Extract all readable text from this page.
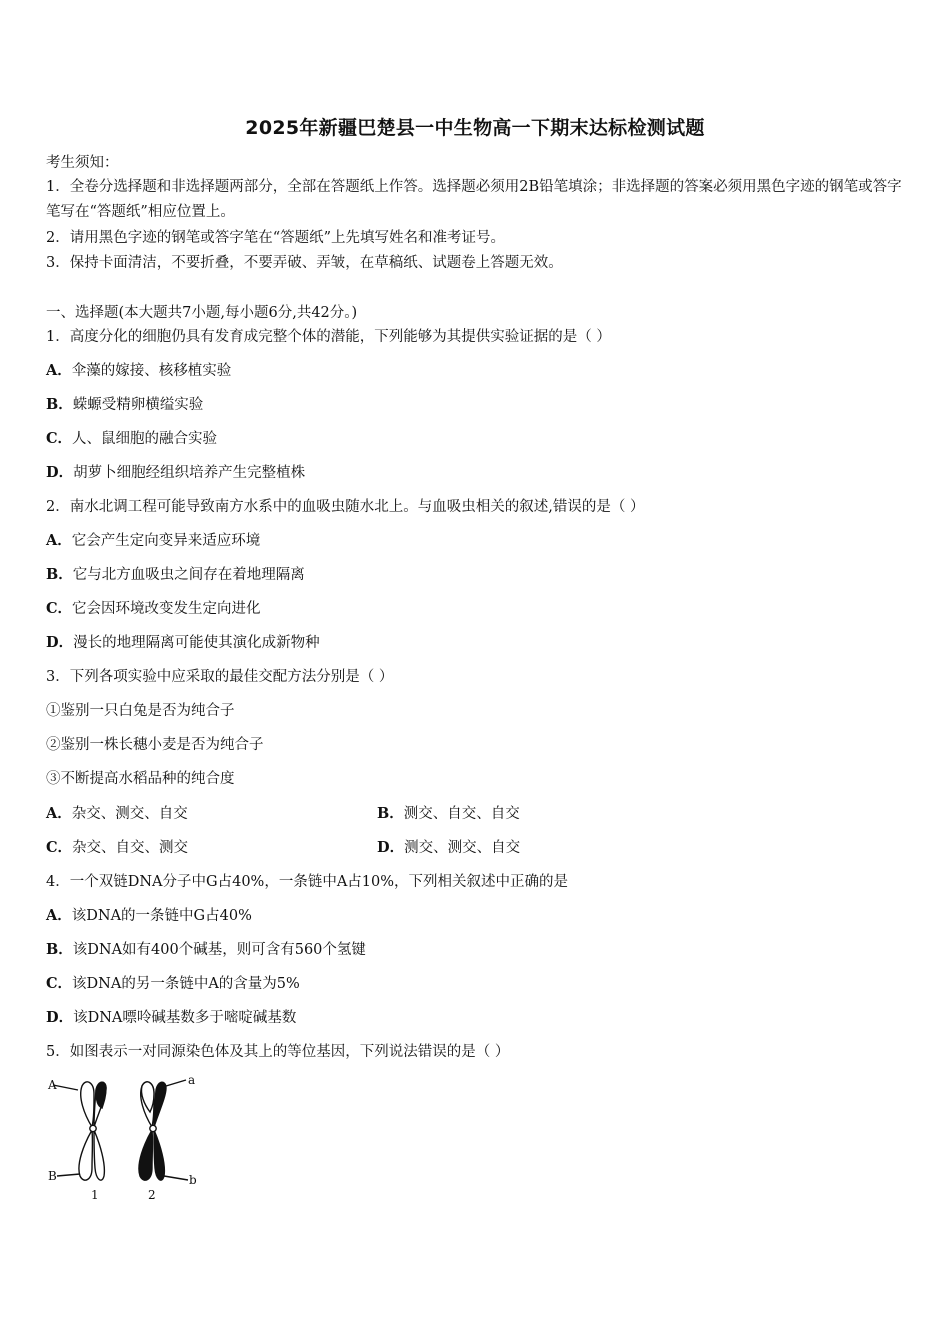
2025年新疆巴楚县一中生物高一下期末达标检测试题
考生须知：
1．全卷分选择题和非选择题两部分，全部在答题纸上作答。选择题必须用2B铅笔填涂；非选择题的答案必须用黑色字迹的钢笔或答字笔写在“答题纸”相应位置上。
2．请用黑色字迹的钢笔或答字笔在“答题纸”上先填写姓名和准考证号。
3．保持卡面清洁，不要折叠，不要弄破、弄皱，在草稿纸、试题卷上答题无效。
一、选择题(本大题共7小题,每小题6分,共42分。)
1．高度分化的细胞仍具有发育成完整个体的潜能，下列能够为其提供实验证据的是（ ）
A．伞藻的嫁接、核移植实验
B．蝾螈受精卵横缢实验
C．人、鼠细胞的融合实验
D．胡萝卜细胞经组织培养产生完整植株
2．南水北调工程可能导致南方水系中的血吸虫随水北上。与血吸虫相关的叙述,错误的是（ ）
A．它会产生定向变异来适应环境
B．它与北方血吸虫之间存在着地理隔离
C．它会因环境改变发生定向进化
D．漫长的地理隔离可能使其演化成新物种
3．下列各项实验中应采取的最佳交配方法分别是（ ）
①鉴别一只白兔是否为纯合子
②鉴别一株长穗小麦是否为纯合子
③不断提高水稻品种的纯合度
A．杂交、测交、自交	B．测交、自交、自交
C．杂交、自交、测交	D．测交、测交、自交
4．一个双链DNA分子中G占40%，一条链中A占10%，下列相关叙述中正确的是
A．该DNA的一条链中G占40%
B．该DNA如有400个碱基，则可含有560个氢键
C．该DNA的另一条链中A的含量为5%
D．该DNA嘌呤碱基数多于嘧啶碱基数
5．如图表示一对同源染色体及其上的等位基因，下列说法错误的是（ ）
A
B
a
b
1	2
